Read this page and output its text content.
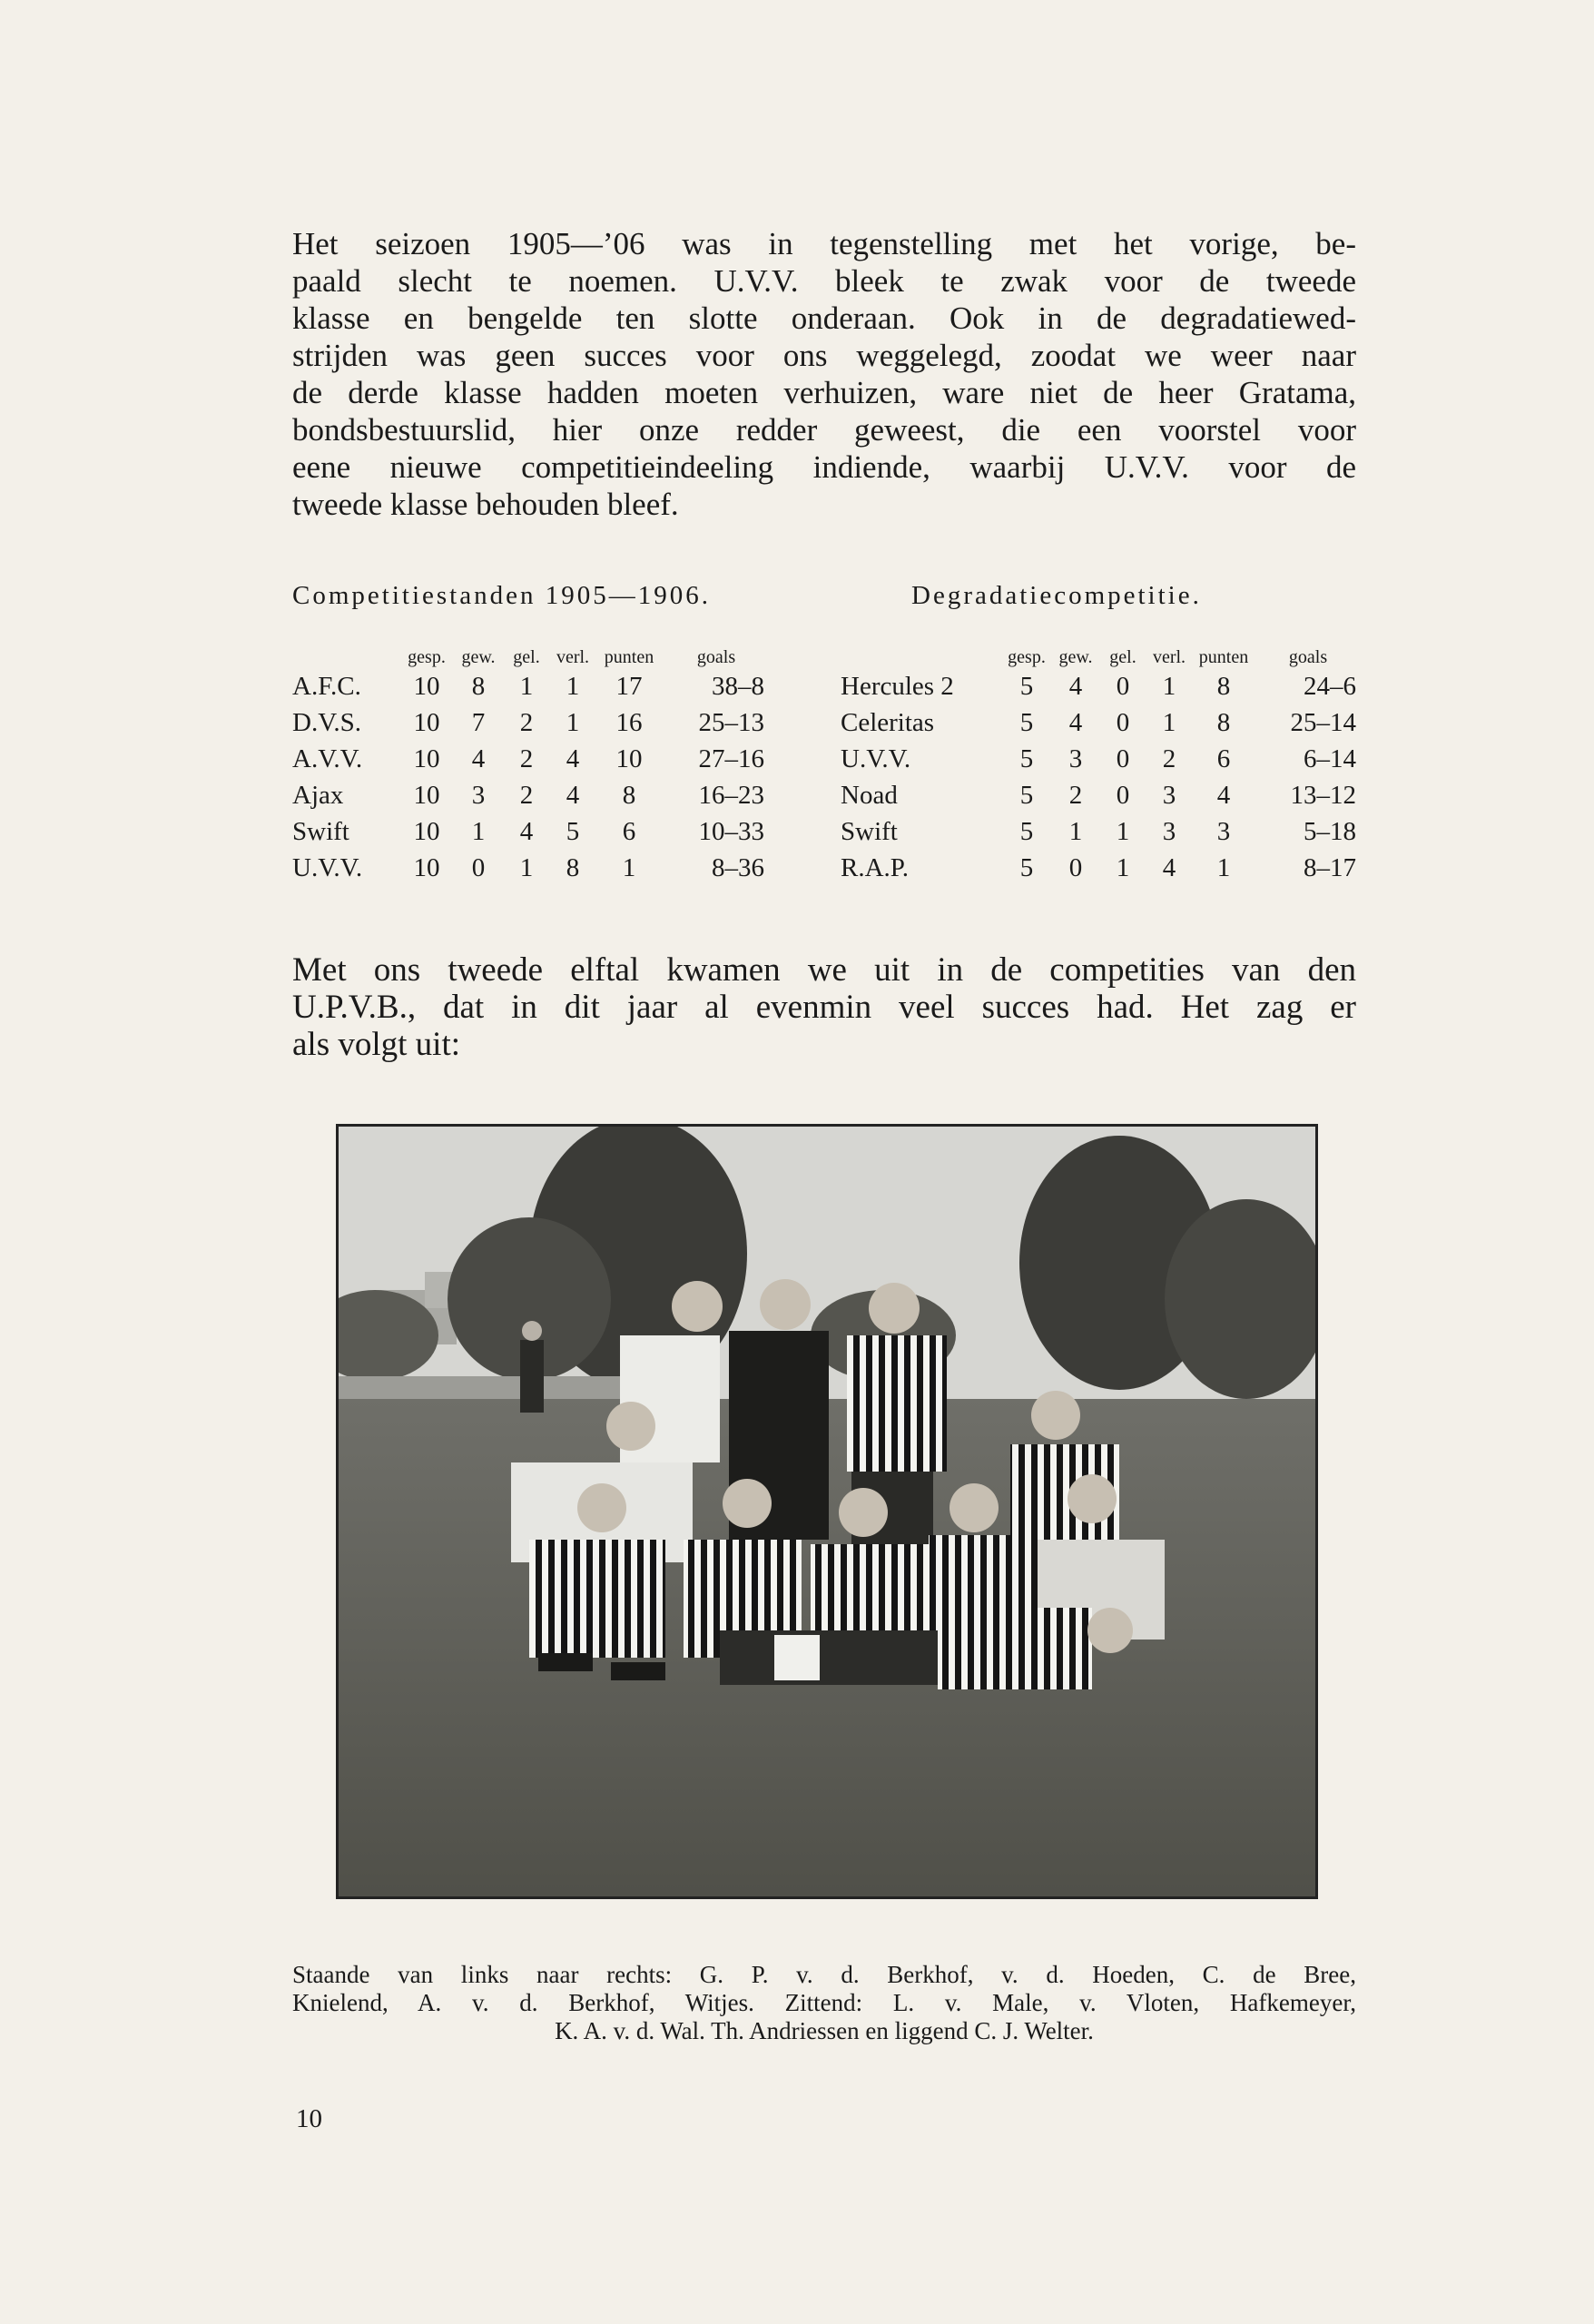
Het seizoen 1905—’06 was in tegenstelling met het vorige, be-
paald slecht te noemen. U.V.V. bleek te zwak voor de tweede
klasse en bengelde ten slotte onderaan. Ook in de degradatiewed-
strijden was geen succes voor ons weggelegd, zoodat we weer naar
de derde klasse hadden moeten verhuizen, ware niet de heer Gratama,
bondsbestuurslid, hier onze redder geweest, die een voorstel voor
eene nieuwe competitieindeeling indiende, waarbij U.V.V. voor de
tweede klasse behouden bleef.

Competitiestanden 1905—1906.	Degradatiecompetitie.
	gesp.	gew.	gel.	verl.	punten	goals
A.F.C.	10	8	1	1	17	38–8
D.V.S.	10	7	2	1	16	25–13
A.V.V.	10	4	2	4	10	27–16
Ajax	10	3	2	4	8	16–23
Swift	10	1	4	5	6	10–33
U.V.V.	10	0	1	8	1	8–36
	gesp.	gew.	gel.	verl.	punten	goals
Hercules 2	5	4	0	1	8	24–6
Celeritas	5	4	0	1	8	25–14
U.V.V.	5	3	0	2	6	6–14
Noad	5	2	0	3	4	13–12
Swift	5	1	1	3	3	5–18
R.A.P.	5	0	1	4	1	8–17

Met ons tweede elftal kwamen we uit in de competities van den
U.P.V.B., dat in dit jaar al evenmin veel succes had. Het zag er
als volgt uit:

Staande van links naar rechts: G. P. v. d. Berkhof, v. d. Hoeden, C. de Bree,
Knielend, A. v. d. Berkhof, Witjes. Zittend: L. v. Male, v. Vloten, Hafkemeyer,
K. A. v. d. Wal. Th. Andriessen en liggend C. J. Welter.

10
